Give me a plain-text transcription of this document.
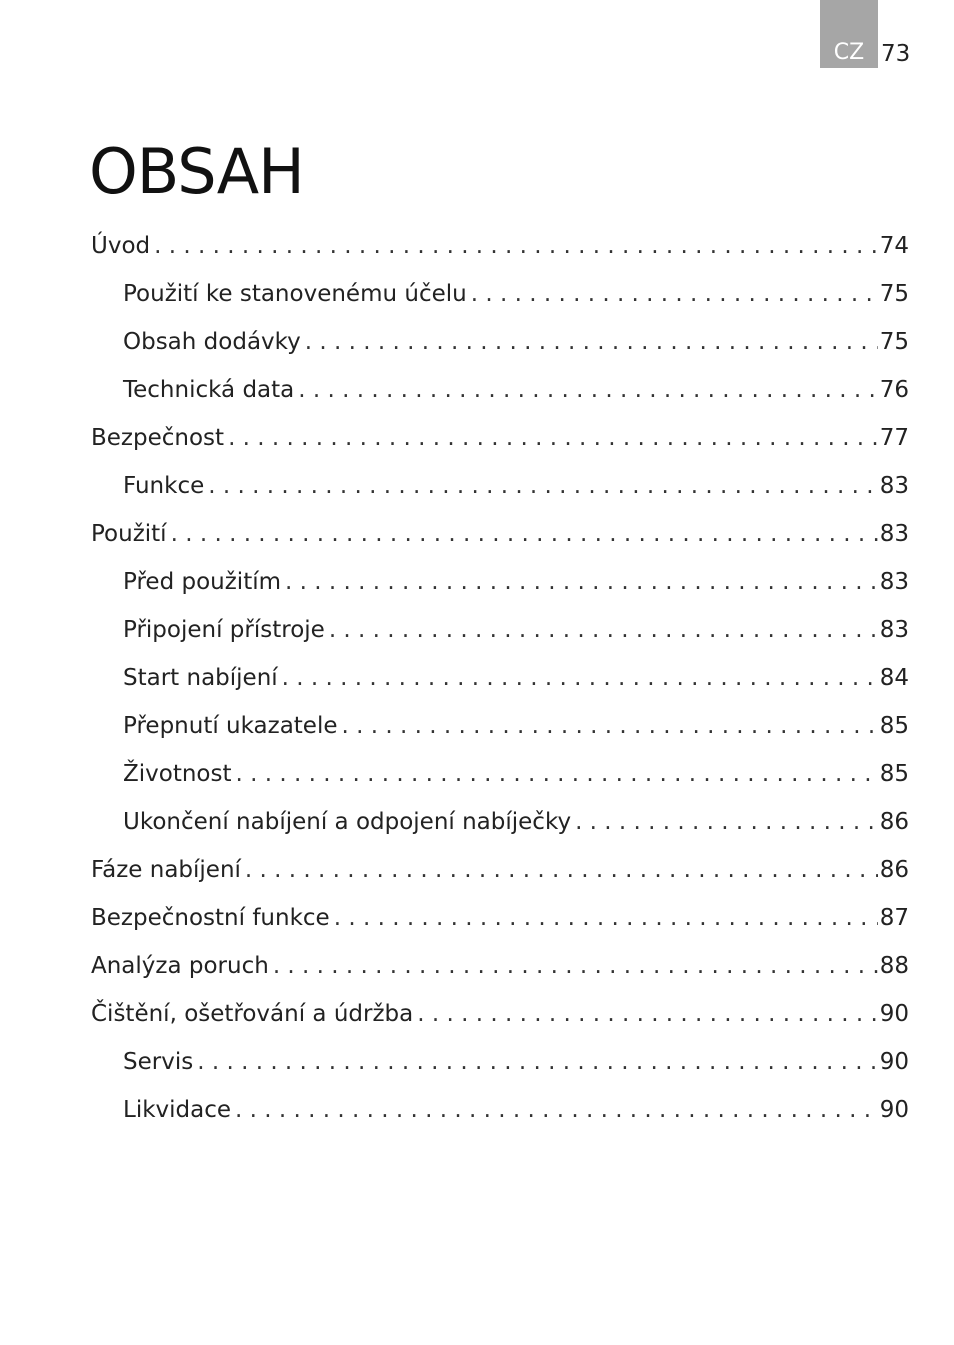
CZ 73
OBSAH
Úvod . . .	74
Použití ke stanovenému účelu . . .	75
Obsah dodávky . . .	75
Technická data . . .	76
Bezpečnost . . .	77
Funkce . . .	83
Použití . . .	83
Před použitím . . .	83
Připojení přístroje . . .	83
Start nabíjení . . .	84
Přepnutí ukazatele . . .	85
Životnost . . .	85
Ukončení nabíjení a odpojení nabíječky . . .	86
Fáze nabíjení . . .	86
Bezpečnostní funkce . . .	87
Analýza poruch . . .	88
Čištění, ošetřování a údržba . . .	90
Servis . . .	90
Likvidace . . .	90
